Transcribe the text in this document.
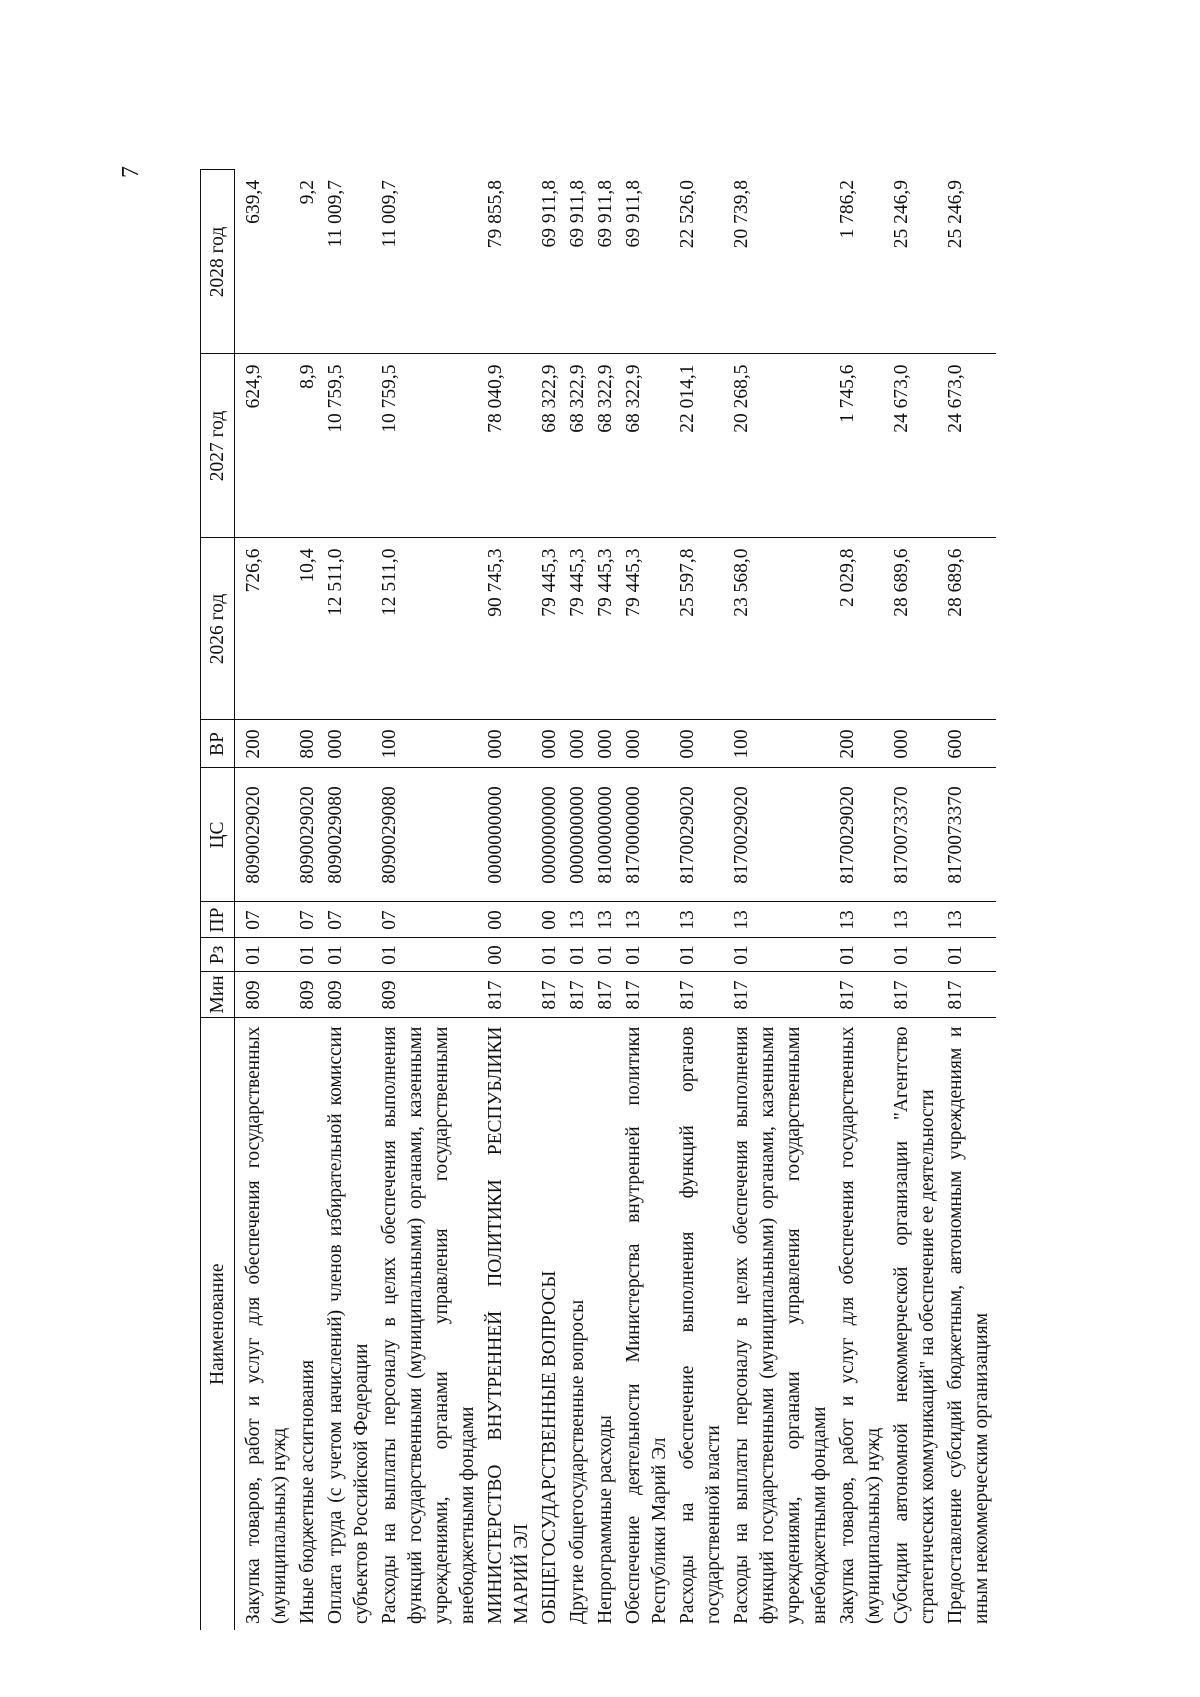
7
Наименование	Мин	Рз	ПР	ЦС	ВР	2026 год	2027 год	2028 год
Закупка товаров, работ и услуг для обеспечения государственных (муниципальных) нужд	809	01	07	8090029020	200	726,6	624,9	639,4
Иные бюджетные ассигнования	809	01	07	8090029020	800	10,4	8,9	9,2
Оплата труда (с учетом начислений) членов избирательной комиссии субъектов Российской Федерации	809	01	07	8090029080	000	12 511,0	10 759,5	11 009,7
Расходы на выплаты персоналу в целях обеспечения выполнения функций государственными (муниципальными) органами, казенными учреждениями, органами управления государственными внебюджетными фондами	809	01	07	8090029080	100	12 511,0	10 759,5	11 009,7
МИНИСТЕРСТВО ВНУТРЕННЕЙ ПОЛИТИКИ РЕСПУБЛИКИ МАРИЙ ЭЛ	817	00	00	0000000000	000	90 745,3	78 040,9	79 855,8
ОБЩЕГОСУДАРСТВЕННЫЕ ВОПРОСЫ	817	01	00	0000000000	000	79 445,3	68 322,9	69 911,8
Другие общегосударственные вопросы	817	01	13	0000000000	000	79 445,3	68 322,9	69 911,8
Непрограммные расходы	817	01	13	8100000000	000	79 445,3	68 322,9	69 911,8
Обеспечение деятельности Министерства внутренней политики Республики Марий Эл	817	01	13	8170000000	000	79 445,3	68 322,9	69 911,8
Расходы на обеспечение выполнения функций органов государственной власти	817	01	13	8170029020	000	25 597,8	22 014,1	22 526,0
Расходы на выплаты персоналу в целях обеспечения выполнения функций государственными (муниципальными) органами, казенными учреждениями, органами управления государственными внебюджетными фондами	817	01	13	8170029020	100	23 568,0	20 268,5	20 739,8
Закупка товаров, работ и услуг для обеспечения государственных (муниципальных) нужд	817	01	13	8170029020	200	2 029,8	1 745,6	1 786,2
Субсидии автономной некоммерческой организации "Агентство стратегических коммуникаций" на обеспечение ее деятельности	817	01	13	8170073370	000	28 689,6	24 673,0	25 246,9
Предоставление субсидий бюджетным, автономным учреждениям и иным некоммерческим организациям	817	01	13	8170073370	600	28 689,6	24 673,0	25 246,9
